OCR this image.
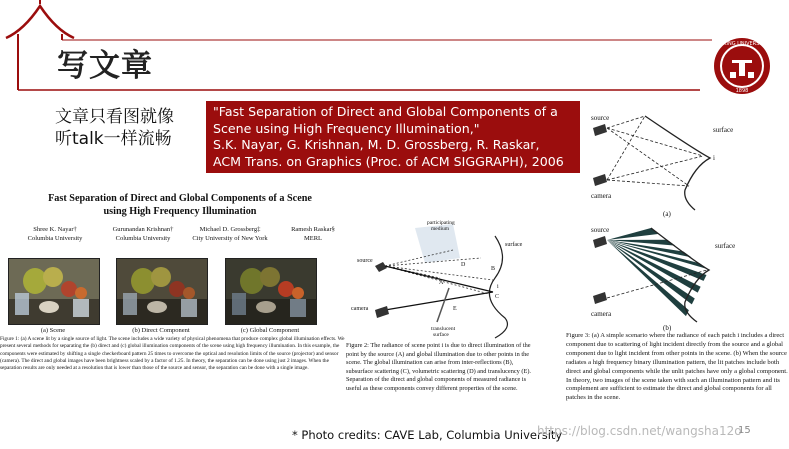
PEKING UNIVERSITY
1898
写文章
文章只看图就像
听talk一样流畅
"Fast Separation of Direct and Global Components of a
Scene using High Frequency Illumination,"
S.K. Nayar, G. Krishnan, M. D. Grossberg, R. Raskar,
ACM Trans. on Graphics (Proc. of ACM SIGGRAPH), 2006
Fast Separation of Direct and Global Components of a Scene
using High Frequency Illumination
Shree K. Nayar†
Columbia University
Gurunandan Krishnan†
Columbia University
Michael D. Grossberg‡
City University of New York
Ramesh Raskar§
MERL
(a) Scene	(b) Direct Component	(c) Global Component
Figure 1: (a) A scene lit by a single source of light. The scene includes a wide variety of physical phenomena that produce complex global illumination effects. We present several methods for separating the (b) direct and (c) global illumination components of the scene using high frequency illumination. In this example, the components were estimated by shifting a single checkerboard pattern 25 times to overcome the optical and resolution limits of the source (projector) and sensor (camera). The direct and global images have been brightness scaled by a factor of 1.25. In theory, the separation can be done using just 2 images. When the separation results are only needed at a resolution that is lower than those of the source and sensor, the separation can be done with a single image.
participating
medium
source
surface
camera
translucent
surface
A
B
C
D
E
i
Figure 2: The radiance of scene point i is due to direct illumination of the point by the source (A) and global illumination due to other points in the scene. The global illumination can arise from inter-reflections (B), subsurface scattering (C), volumetric scattering (D) and translucency (E). Separation of the direct and global components of measured radiance is useful as these components convey different properties of the scene.
source
surface
i
camera
(a)
source
surface
camera
(b)
Figure 3: (a) A simple scenario where the radiance of each patch i includes a direct component due to scattering of light incident directly from the source and a global component due to light incident from other points in the scene. (b) When the source radiates a high frequency binary illumination pattern, the lit patches include both direct and global components while the unlit patches have only a global component. In theory, two images of the scene taken with such an illumination pattern and its complement are sufficient to estimate the direct and global components for all patches in the scene.
* Photo credits: CAVE Lab, Columbia University
https://blog.csdn.net/wangsha12o
15
